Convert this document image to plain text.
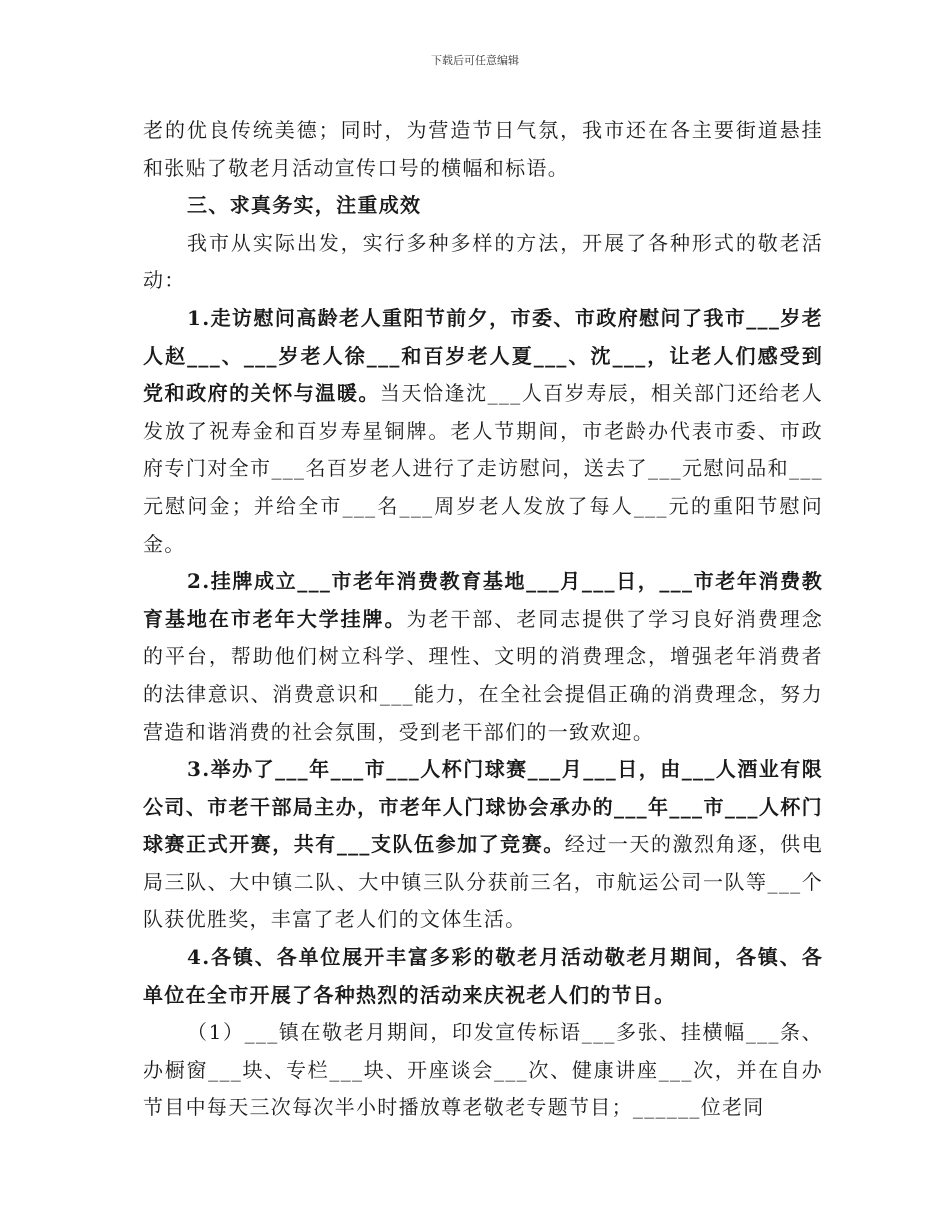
下载后可任意编辑

老的优良传统美德；同时，为营造节日气氛，我市还在各主要街道悬挂和张贴了敬老月活动宣传口号的横幅和标语。

三、求真务实，注重成效

我市从实际出发，实行多种多样的方法，开展了各种形式的敬老活动：

1.走访慰问高龄老人重阳节前夕，市委、市政府慰问了我市___岁老人赵___、___岁老人徐___和百岁老人夏___、沈___，让老人们感受到党和政府的关怀与温暖。当天恰逢沈___人百岁寿辰，相关部门还给老人发放了祝寿金和百岁寿星铜牌。老人节期间，市老龄办代表市委、市政府专门对全市___名百岁老人进行了走访慰问，送去了___元慰问品和___元慰问金；并给全市___名___周岁老人发放了每人___元的重阳节慰问金。

2.挂牌成立___市老年消费教育基地___月___日，___市老年消费教育基地在市老年大学挂牌。为老干部、老同志提供了学习良好消费理念的平台，帮助他们树立科学、理性、文明的消费理念，增强老年消费者的法律意识、消费意识和___能力，在全社会提倡正确的消费理念，努力营造和谐消费的社会氛围，受到老干部们的一致欢迎。

3.举办了___年___市___人杯门球赛___月___日，由___人酒业有限公司、市老干部局主办，市老年人门球协会承办的___年___市___人杯门球赛正式开赛，共有___支队伍参加了竞赛。经过一天的激烈角逐，供电局三队、大中镇二队、大中镇三队分获前三名，市航运公司一队等___个队获优胜奖，丰富了老人们的文体生活。

4.各镇、各单位展开丰富多彩的敬老月活动敬老月期间，各镇、各单位在全市开展了各种热烈的活动来庆祝老人们的节日。

（1）___镇在敬老月期间，印发宣传标语___多张、挂横幅___条、办橱窗___块、专栏___块、开座谈会___次、健康讲座___次，并在自办节目中每天三次每次半小时播放尊老敬老专题节目；______位老同
